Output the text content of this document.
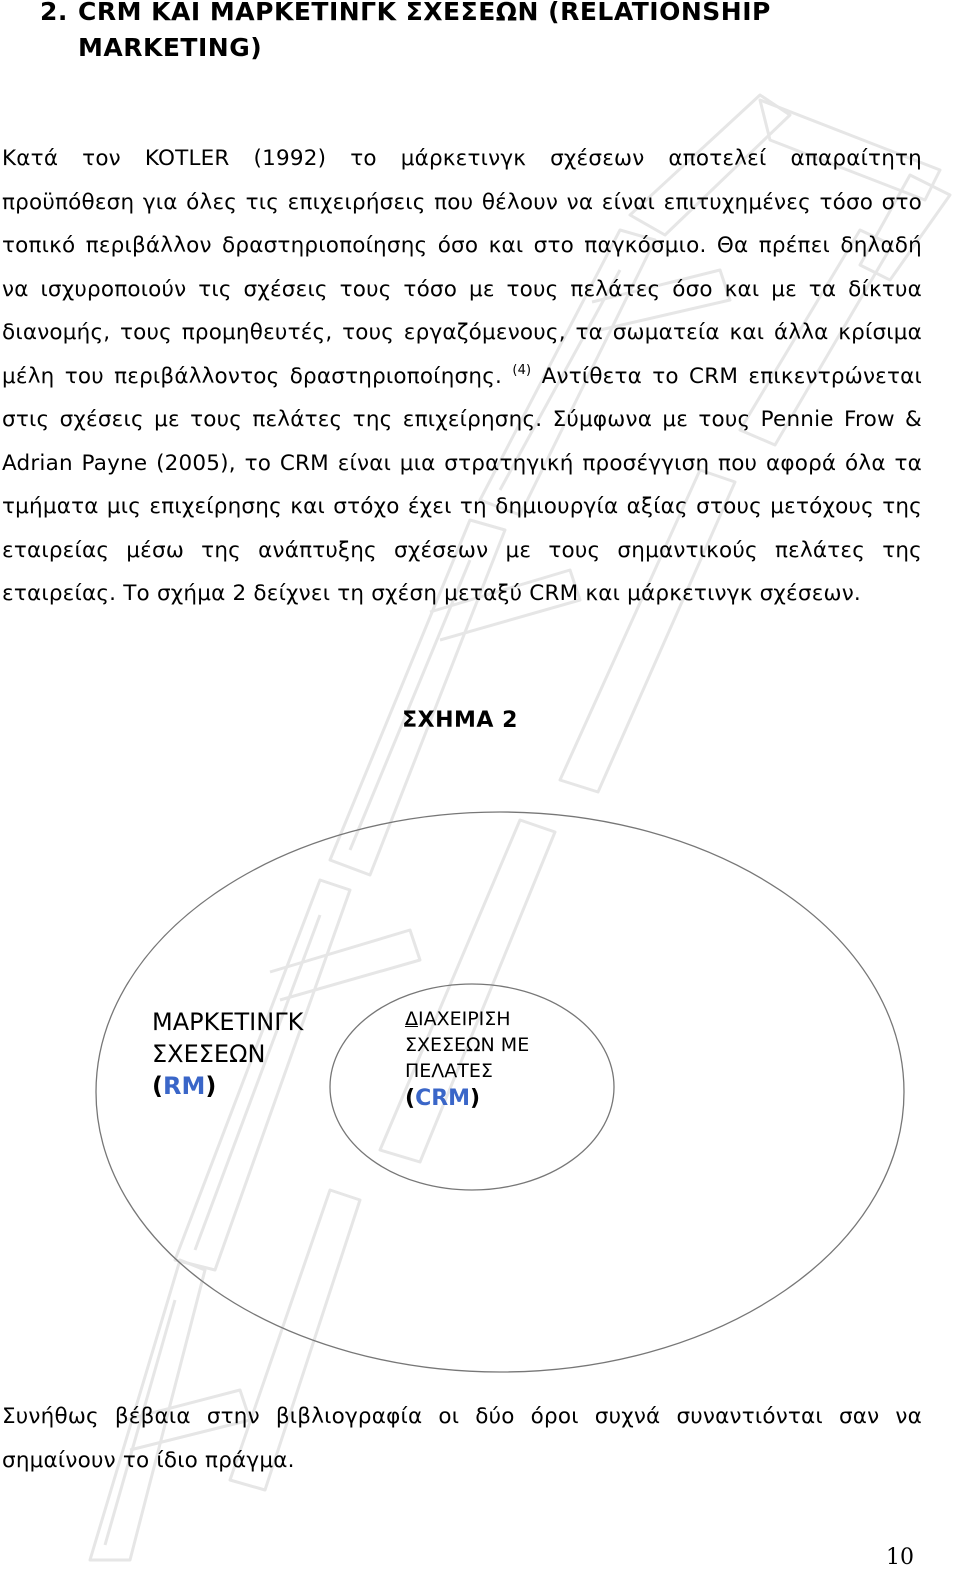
2. CRM ΚΑΙ ΜΑΡΚΕΤΙΝΓΚ ΣΧΕΣΕΩΝ (RELATIONSHIP
MARKETING)
Κατά τον KOTLER (1992) το μάρκετινγκ σχέσεων αποτελεί απαραίτητη προϋπόθεση για όλες τις επιχειρήσεις που θέλουν να είναι επιτυχημένες τόσο στο τοπικό περιβάλλον δραστηριοποίησης όσο και στο παγκόσμιο. Θα πρέπει δηλαδή να ισχυροποιούν τις σχέσεις τους τόσο με τους πελάτες όσο και με τα δίκτυα διανομής, τους προμηθευτές, τους εργαζόμενους, τα σωματεία και άλλα κρίσιμα μέλη του περιβάλλοντος δραστηριοποίησης. $^{(4)}$ Αντίθετα το CRM επικεντρώνεται στις σχέσεις με τους πελάτες της επιχείρησης. Σύμφωνα με τους Pennie Frow & Adrian Payne (2005), το CRM είναι μια στρατηγική προσέγγιση που αφορά όλα τα τμήματα μις επιχείρησης και στόχο έχει τη δημιουργία αξίας στους μετόχους της εταιρείας μέσω της ανάπτυξης σχέσεων με τους σημαντικούς πελάτες της εταιρείας. Το σχήμα 2 δείχνει τη σχέση μεταξύ CRM και μάρκετινγκ σχέσεων.
ΣΧΗΜΑ 2
ΜΑΡΚΕΤΙΝΓΚ
ΣΧΕΣΕΩΝ
(RM)
ΔΙΑΧΕΙΡΙΣΗ
ΣΧΕΣΕΩΝ ΜΕ
ΠΕΛΑΤΕΣ
(CRM)
Συνήθως βέβαια στην βιβλιογραφία οι δύο όροι συχνά συναντιόνται σαν να σημαίνουν το ίδιο πράγμα.
10
